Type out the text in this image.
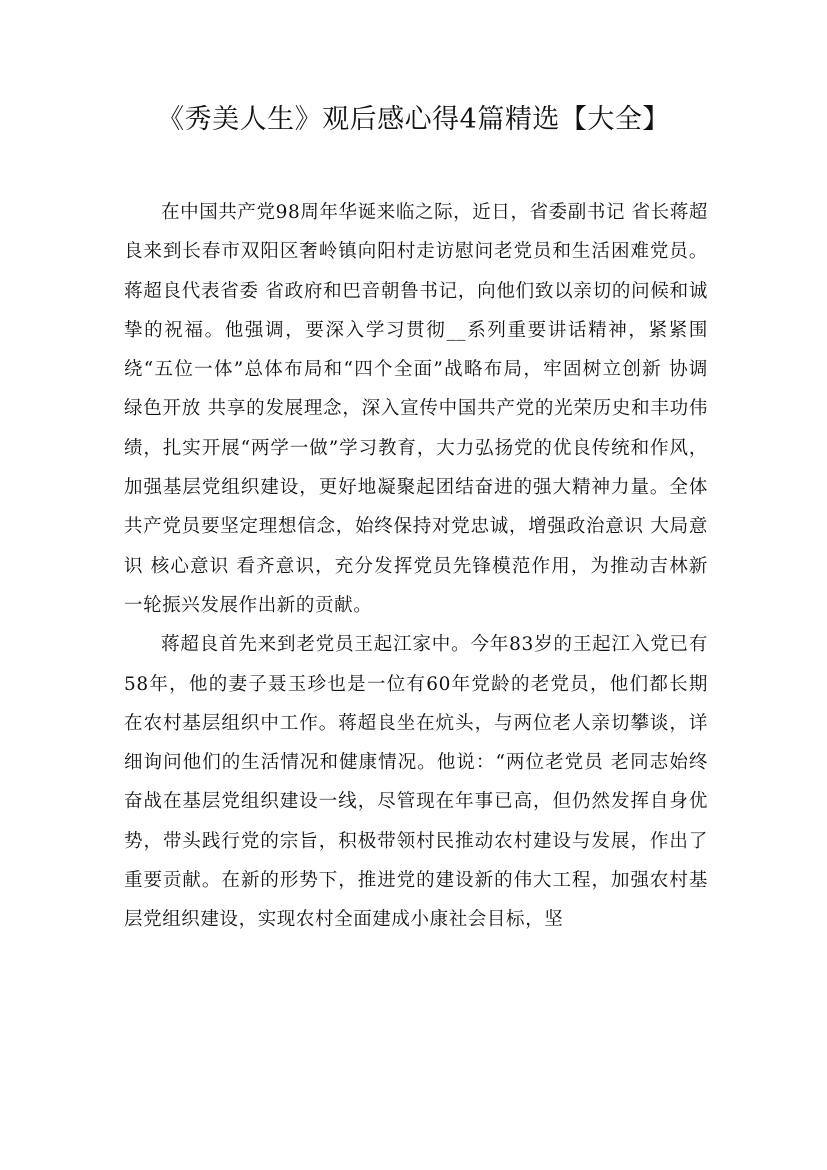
《秀美人生》观后感心得4篇精选【大全】

在中国共产党98周年华诞来临之际，近日，省委副书记 省长蒋超良来到长春市双阳区奢岭镇向阳村走访慰问老党员和生活困难党员。蒋超良代表省委 省政府和巴音朝鲁书记，向他们致以亲切的问候和诚挚的祝福。他强调，要深入学习贯彻__系列重要讲话精神，紧紧围绕“五位一体”总体布局和“四个全面”战略布局，牢固树立创新 协调 绿色开放 共享的发展理念，深入宣传中国共产党的光荣历史和丰功伟绩，扎实开展“两学一做”学习教育，大力弘扬党的优良传统和作风，加强基层党组织建设，更好地凝聚起团结奋进的强大精神力量。全体共产党员要坚定理想信念，始终保持对党忠诚，增强政治意识 大局意识 核心意识 看齐意识，充分发挥党员先锋模范作用，为推动吉林新一轮振兴发展作出新的贡献。

蒋超良首先来到老党员王起江家中。今年83岁的王起江入党已有58年，他的妻子聂玉珍也是一位有60年党龄的老党员，他们都长期在农村基层组织中工作。蒋超良坐在炕头，与两位老人亲切攀谈，详细询问他们的生活情况和健康情况。他说：“两位老党员 老同志始终奋战在基层党组织建设一线，尽管现在年事已高，但仍然发挥自身优势，带头践行党的宗旨，积极带领村民推动农村建设与发展，作出了重要贡献。在新的形势下，推进党的建设新的伟大工程，加强农村基层党组织建设，实现农村全面建成小康社会目标，坚
